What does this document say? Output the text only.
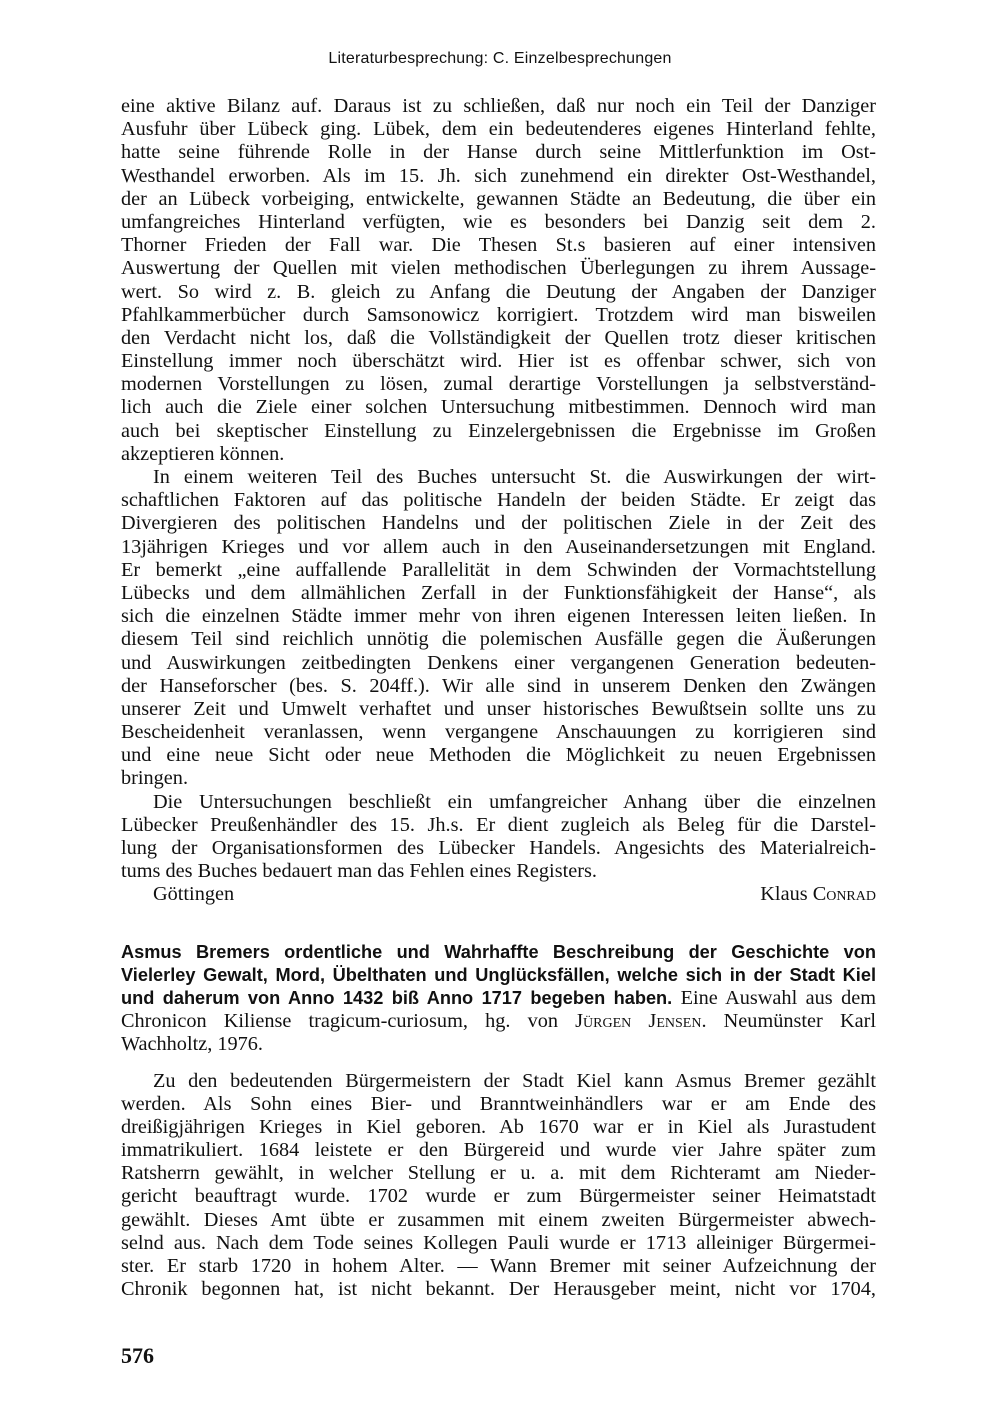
Literaturbesprechung: C. Einzelbesprechungen
eine aktive Bilanz auf. Daraus ist zu schließen, daß nur noch ein Teil der Danziger
Ausfuhr über Lübeck ging. Lübek, dem ein bedeutenderes eigenes Hinterland fehlte,
hatte seine führende Rolle in der Hanse durch seine Mittlerfunktion im Ost-
Westhandel erworben. Als im 15. Jh. sich zunehmend ein direkter Ost-Westhandel,
der an Lübeck vorbeiging, entwickelte, gewannen Städte an Bedeutung, die über ein
umfangreiches Hinterland verfügten, wie es besonders bei Danzig seit dem 2.
Thorner Frieden der Fall war. Die Thesen St.s basieren auf einer intensiven
Auswertung der Quellen mit vielen methodischen Überlegungen zu ihrem Aussage-
wert. So wird z. B. gleich zu Anfang die Deutung der Angaben der Danziger
Pfahlkammerbücher durch Samsonowicz korrigiert. Trotzdem wird man bisweilen
den Verdacht nicht los, daß die Vollständigkeit der Quellen trotz dieser kritischen
Einstellung immer noch überschätzt wird. Hier ist es offenbar schwer, sich von
modernen Vorstellungen zu lösen, zumal derartige Vorstellungen ja selbstverständ-
lich auch die Ziele einer solchen Untersuchung mitbestimmen. Dennoch wird man
auch bei skeptischer Einstellung zu Einzelergebnissen die Ergebnisse im Großen
akzeptieren können.
In einem weiteren Teil des Buches untersucht St. die Auswirkungen der wirt-
schaftlichen Faktoren auf das politische Handeln der beiden Städte. Er zeigt das
Divergieren des politischen Handelns und der politischen Ziele in der Zeit des
13jährigen Krieges und vor allem auch in den Auseinandersetzungen mit England.
Er bemerkt „eine auffallende Parallelität in dem Schwinden der Vormachtstellung
Lübecks und dem allmählichen Zerfall in der Funktionsfähigkeit der Hanse“, als
sich die einzelnen Städte immer mehr von ihren eigenen Interessen leiten ließen. In
diesem Teil sind reichlich unnötig die polemischen Ausfälle gegen die Äußerungen
und Auswirkungen zeitbedingten Denkens einer vergangenen Generation bedeuten-
der Hanseforscher (bes. S. 204ff.). Wir alle sind in unserem Denken den Zwängen
unserer Zeit und Umwelt verhaftet und unser historisches Bewußtsein sollte uns zu
Bescheidenheit veranlassen, wenn vergangene Anschauungen zu korrigieren sind
und eine neue Sicht oder neue Methoden die Möglichkeit zu neuen Ergebnissen
bringen.
Die Untersuchungen beschließt ein umfangreicher Anhang über die einzelnen
Lübecker Preußenhändler des 15. Jh.s. Er dient zugleich als Beleg für die Darstel-
lung der Organisationsformen des Lübecker Handels. Angesichts des Materialreich-
tums des Buches bedauert man das Fehlen eines Registers.
Göttingen	Klaus Conrad
Asmus Bremers ordentliche und Wahrhaffte Beschreibung der Geschichte von
Vielerley Gewalt, Mord, Übelthaten und Unglücksfällen, welche sich in der Stadt Kiel
und daherum von Anno 1432 biß Anno 1717 begeben haben. Eine Auswahl aus dem
Chronicon Kiliense tragicum-curiosum, hg. von Jürgen Jensen. Neumünster Karl
Wachholtz, 1976.
Zu den bedeutenden Bürgermeistern der Stadt Kiel kann Asmus Bremer gezählt
werden. Als Sohn eines Bier- und Branntweinhändlers war er am Ende des
dreißigjährigen Krieges in Kiel geboren. Ab 1670 war er in Kiel als Jurastudent
immatrikuliert. 1684 leistete er den Bürgereid und wurde vier Jahre später zum
Ratsherrn gewählt, in welcher Stellung er u. a. mit dem Richteramt am Nieder-
gericht beauftragt wurde. 1702 wurde er zum Bürgermeister seiner Heimatstadt
gewählt. Dieses Amt übte er zusammen mit einem zweiten Bürgermeister abwech-
selnd aus. Nach dem Tode seines Kollegen Pauli wurde er 1713 alleiniger Bürgermei-
ster. Er starb 1720 in hohem Alter. — Wann Bremer mit seiner Aufzeichnung der
Chronik begonnen hat, ist nicht bekannt. Der Herausgeber meint, nicht vor 1704,
576
